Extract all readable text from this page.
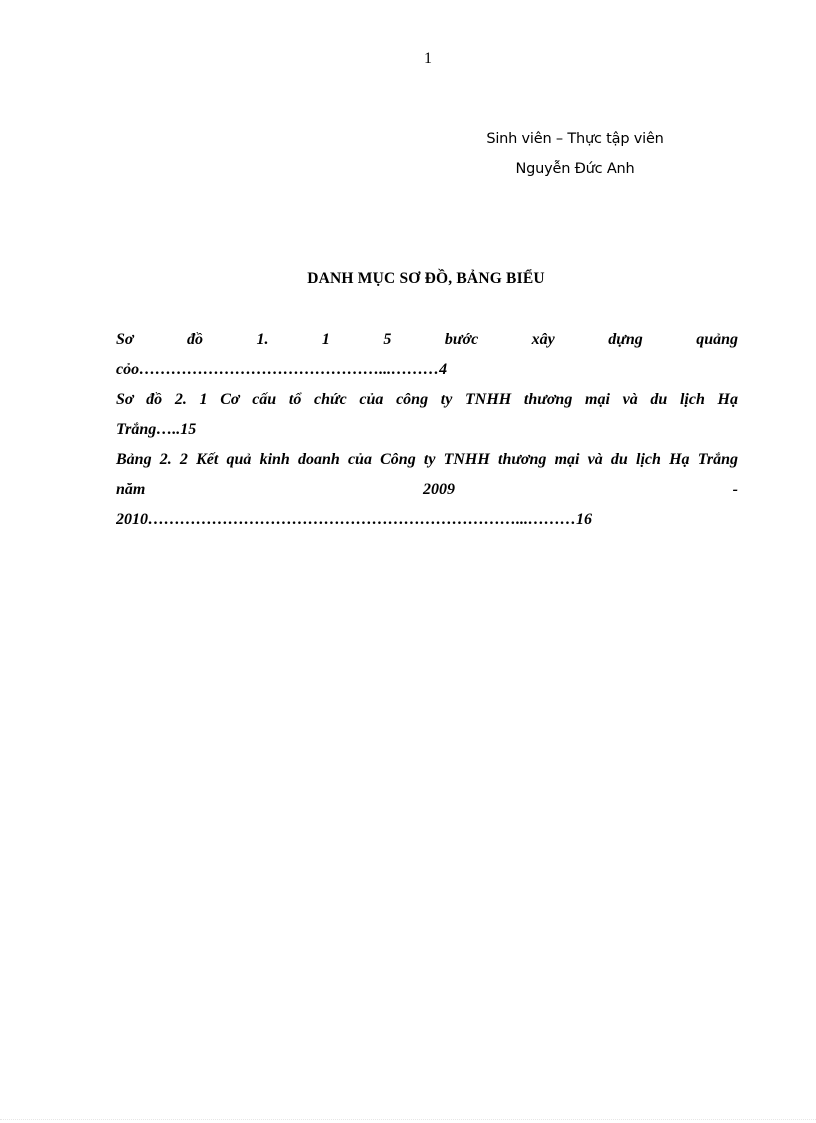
1
Sinh viên – Thực tập viên
Nguyễn Đức Anh
DANH MỤC SƠ ĐỒ, BẢNG BIỂU
Sơ đồ 1. 1 5 bước xây dựng quảng
cỏo………………………………………...………4
Sơ đồ 2. 1 Cơ cấu tổ chức của công ty TNHH thương mại và du lịch Hạ
Trắng…..15
Bảng 2. 2 Kết quả kinh doanh của Công ty TNHH thương mại và du lịch Hạ Trắng
năm 2009 -
2010……………………………………………………………...………16
